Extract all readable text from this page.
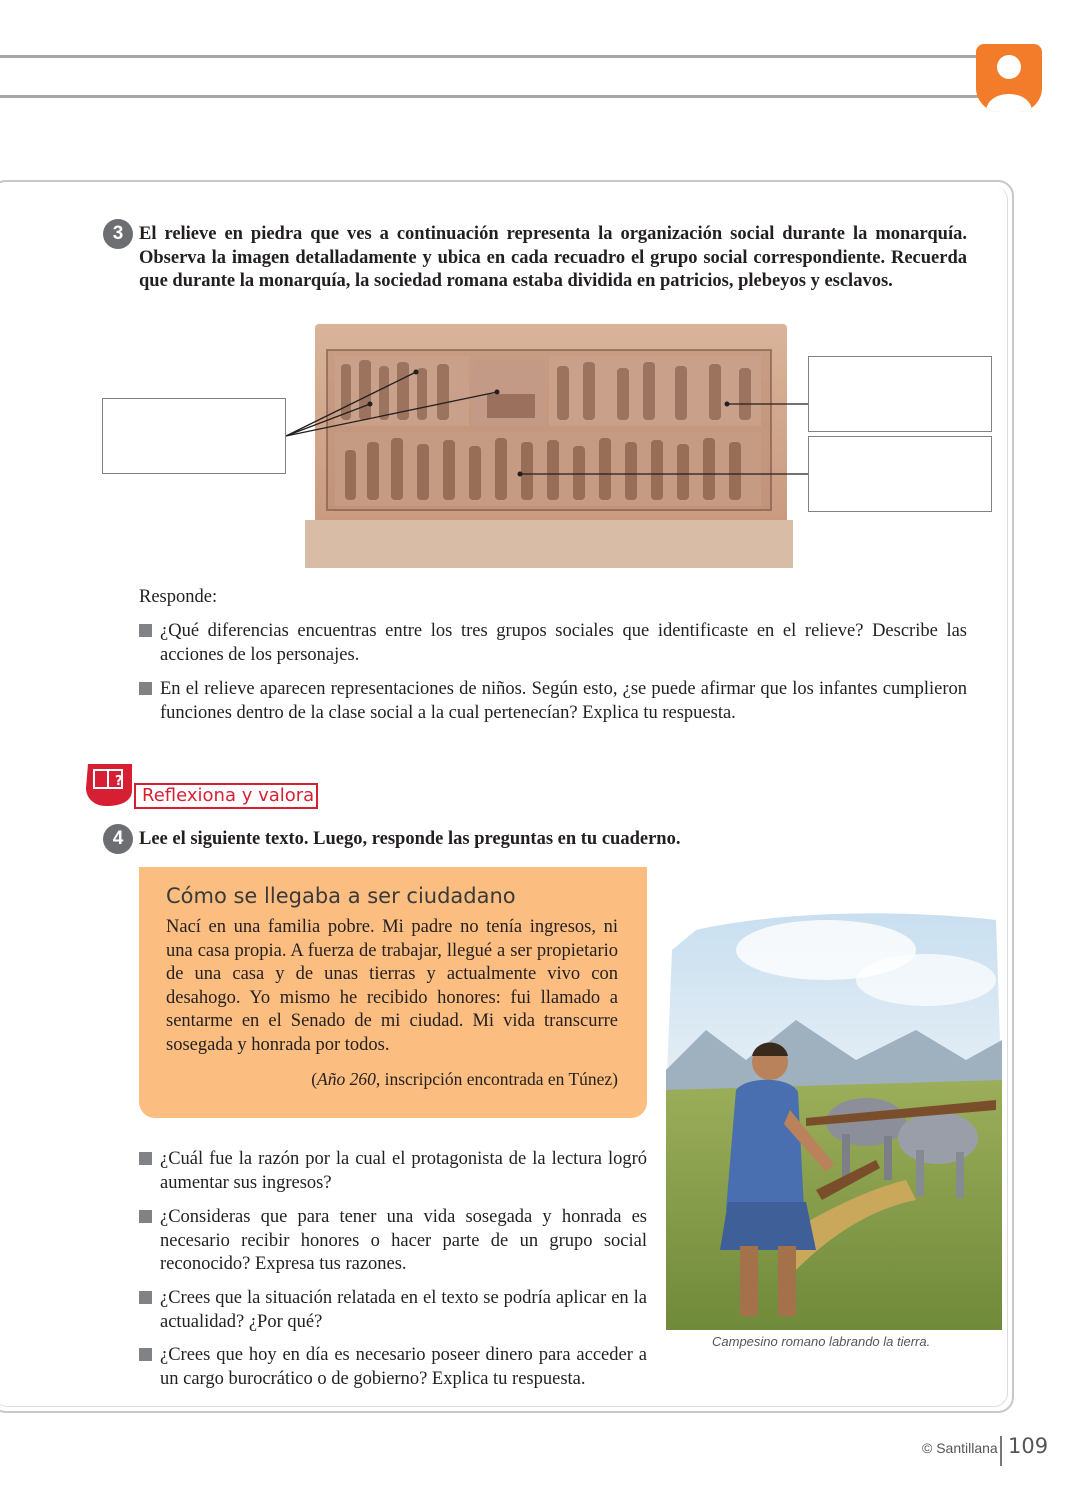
3 El relieve en piedra que ves a continuación representa la organización social durante la monarquía. Observa la imagen detalladamente y ubica en cada recuadro el grupo social correspondiente. Recuerda que durante la monarquía, la sociedad romana estaba dividida en patricios, plebeyos y esclavos.
Responde:
¿Qué diferencias encuentras entre los tres grupos sociales que identificaste en el relieve? Describe las acciones de los personajes.
En el relieve aparecen representaciones de niños. Según esto, ¿se puede afirmar que los infantes cumplieron funciones dentro de la clase social a la cual pertenecían? Explica tu respuesta.
?
Reflexiona y valora
4 Lee el siguiente texto. Luego, responde las preguntas en tu cuaderno.
Cómo se llegaba a ser ciudadano
Nací en una familia pobre. Mi padre no tenía ingresos, ni una casa propia. A fuerza de trabajar, llegué a ser propietario de una casa y de unas tierras y actualmente vivo con desahogo. Yo mismo he recibido honores: fui llamado a sentarme en el Senado de mi ciudad. Mi vida transcurre sosegada y honrada por todos.
(Año 260, inscripción encontrada en Túnez)
¿Cuál fue la razón por la cual el protagonista de la lectura logró aumentar sus ingresos?
¿Consideras que para tener una vida sosegada y honrada es necesario recibir honores o hacer parte de un grupo social reconocido? Expresa tus razones.
¿Crees que la situación relatada en el texto se podría aplicar en la actualidad? ¿Por qué?
¿Crees que hoy en día es necesario poseer dinero para acceder a un cargo burocrático o de gobierno? Explica tu respuesta.
Campesino romano labrando la tierra.
© Santillana 109
